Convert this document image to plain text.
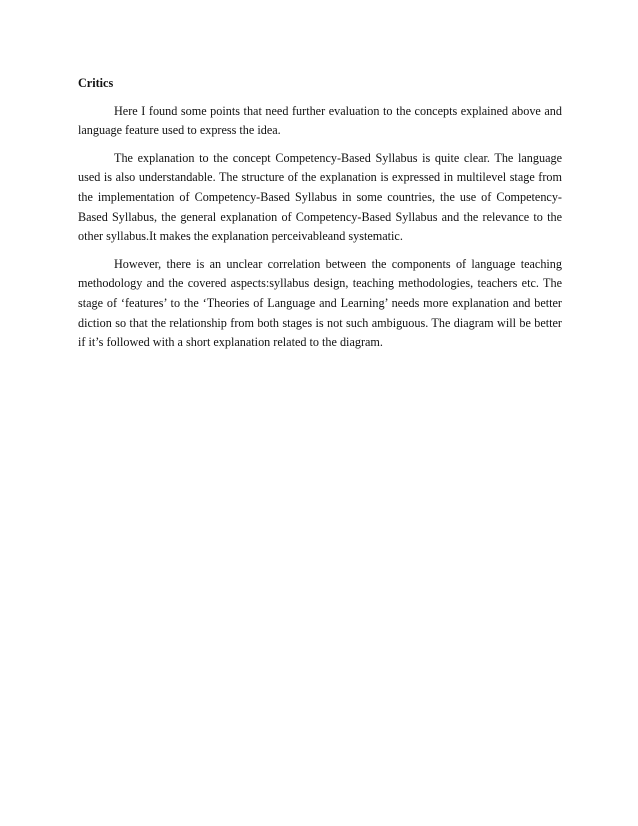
Critics

Here I found some points that need further evaluation to the concepts explained above and language feature used to express the idea.

The explanation to the concept Competency-Based Syllabus is quite clear. The language used is also understandable. The structure of the explanation is expressed in multilevel stage from the implementation of Competency-Based Syllabus in some countries, the use of Competency-Based Syllabus, the general explanation of Competency-Based Syllabus and the relevance to the other syllabus.It makes the explanation perceivableand systematic.

However, there is an unclear correlation between the components of language teaching methodology and the covered aspects:syllabus design, teaching methodologies, teachers etc. The stage of ‘features’ to the ‘Theories of Language and Learning’ needs more explanation and better diction so that the relationship from both stages is not such ambiguous. The diagram will be better if it’s followed with a short explanation related to the diagram.
